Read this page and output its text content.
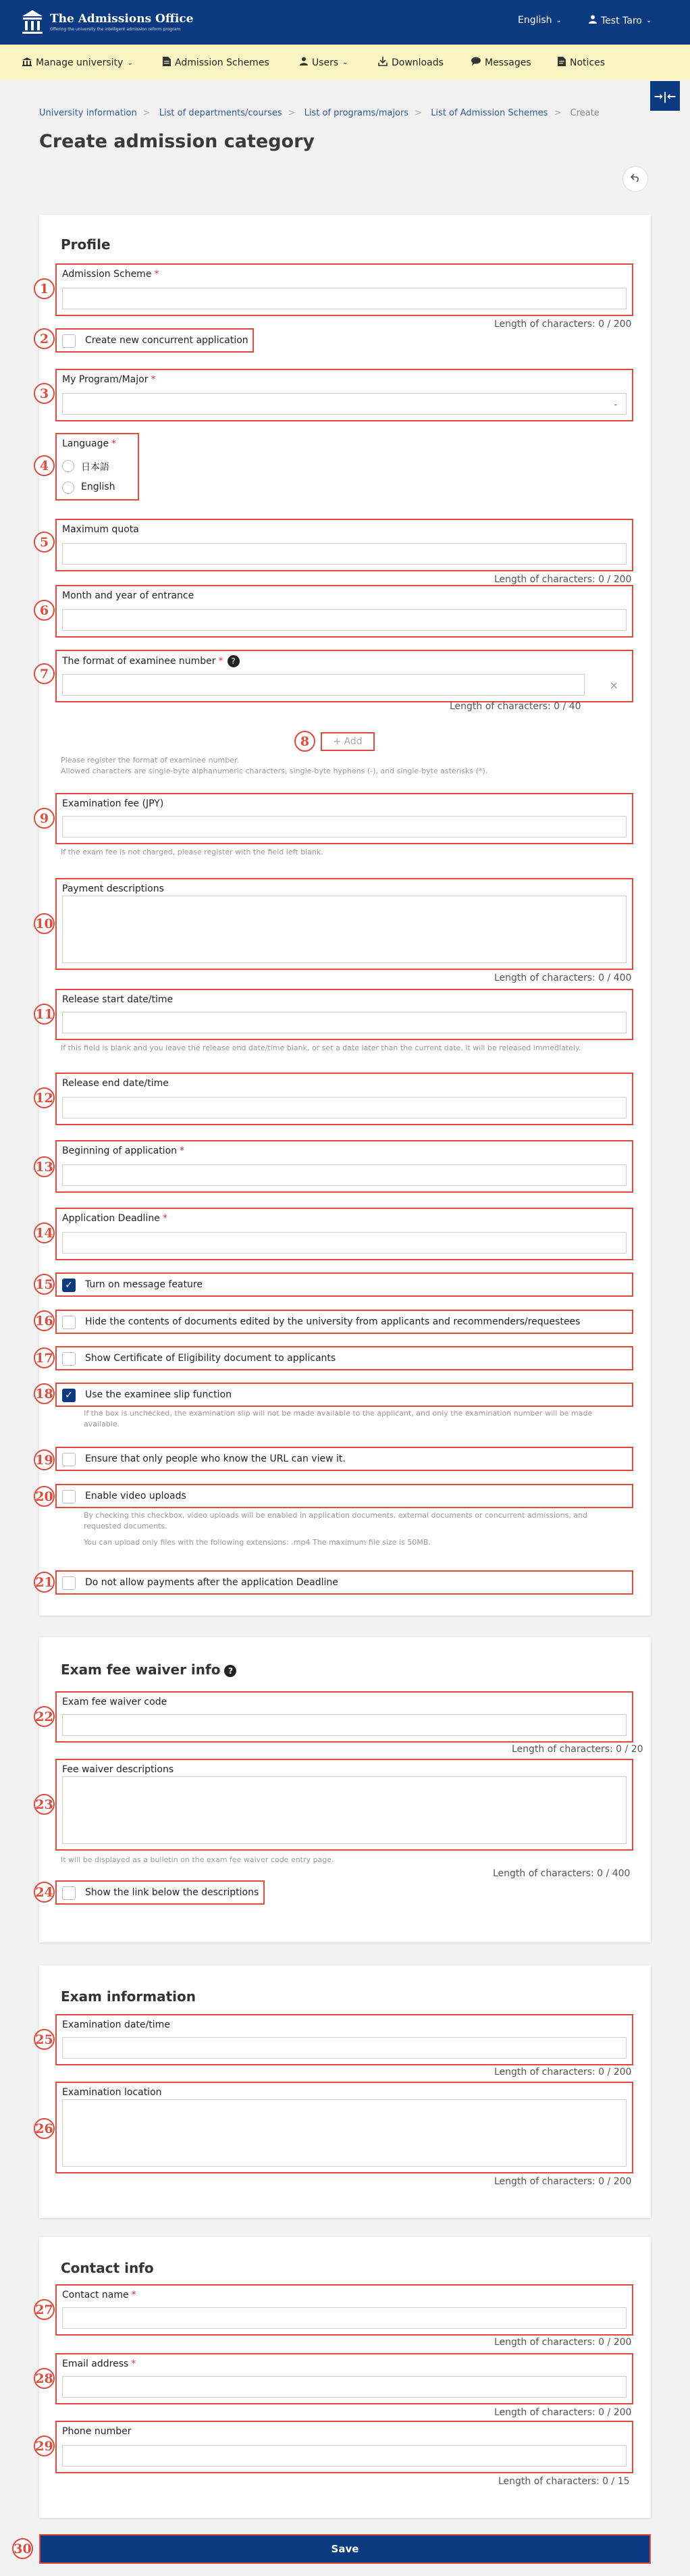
The Admissions Office
Offering the university the intelligent admission reform program
English ⌄	Test Taro ⌄
Manage university ⌄	Admission Schemes	Users ⌄	Downloads	Messages	Notices
→|←
University information > List of departments/courses > List of programs/majors > List of Admission Schemes > Create
Create admission category
Profile
1
Admission Scheme *
Length of characters: 0 / 200
2	Create new concurrent application
3
My Program/Major *
-
4
Language *
日本語
English
5
Maximum quota
Length of characters: 0 / 200
6
Month and year of entrance
7
The format of examinee number * ?
×
Length of characters: 0 / 40
8	+ Add
Please register the format of examinee number.
Allowed characters are single-byte alphanumeric characters, single-byte hyphens (-), and single-byte asterisks (*).
9
Examination fee (JPY)
If the exam fee is not charged, please register with the field left blank.
10
Payment descriptions
Length of characters: 0 / 400
11
Release start date/time
If this field is blank and you leave the release end date/time blank, or set a date later than the current date, it will be released immediately.
12
Release end date/time
13
Beginning of application *
14
Application Deadline *
15 ✓ Turn on message feature
16	Hide the contents of documents edited by the university from applicants and recommenders/requestees
17	Show Certificate of Eligibility document to applicants
18 ✓ Use the examinee slip function
If the box is unchecked, the examination slip will not be made available to the applicant, and only the examination number will be made
available.
19	Ensure that only people who know the URL can view it.
20	Enable video uploads
By checking this checkbox, video uploads will be enabled in application documents, external documents or concurrent admissions, and
requested documents.
You can upload only files with the following extensions: .mp4 The maximum file size is 50MB.
21	Do not allow payments after the application Deadline
Exam fee waiver info ?
22
Exam fee waiver code
Length of characters: 0 / 20
23
Fee waiver descriptions
It will be displayed as a bulletin on the exam fee waiver code entry page.
Length of characters: 0 / 400
24	Show the link below the descriptions
Exam information
25
Examination date/time
Length of characters: 0 / 200
26
Examination location
Length of characters: 0 / 200
Contact info
27
Contact name *
Length of characters: 0 / 200
28
Email address *
Length of characters: 0 / 200
29
Phone number
Length of characters: 0 / 15
30	Save
